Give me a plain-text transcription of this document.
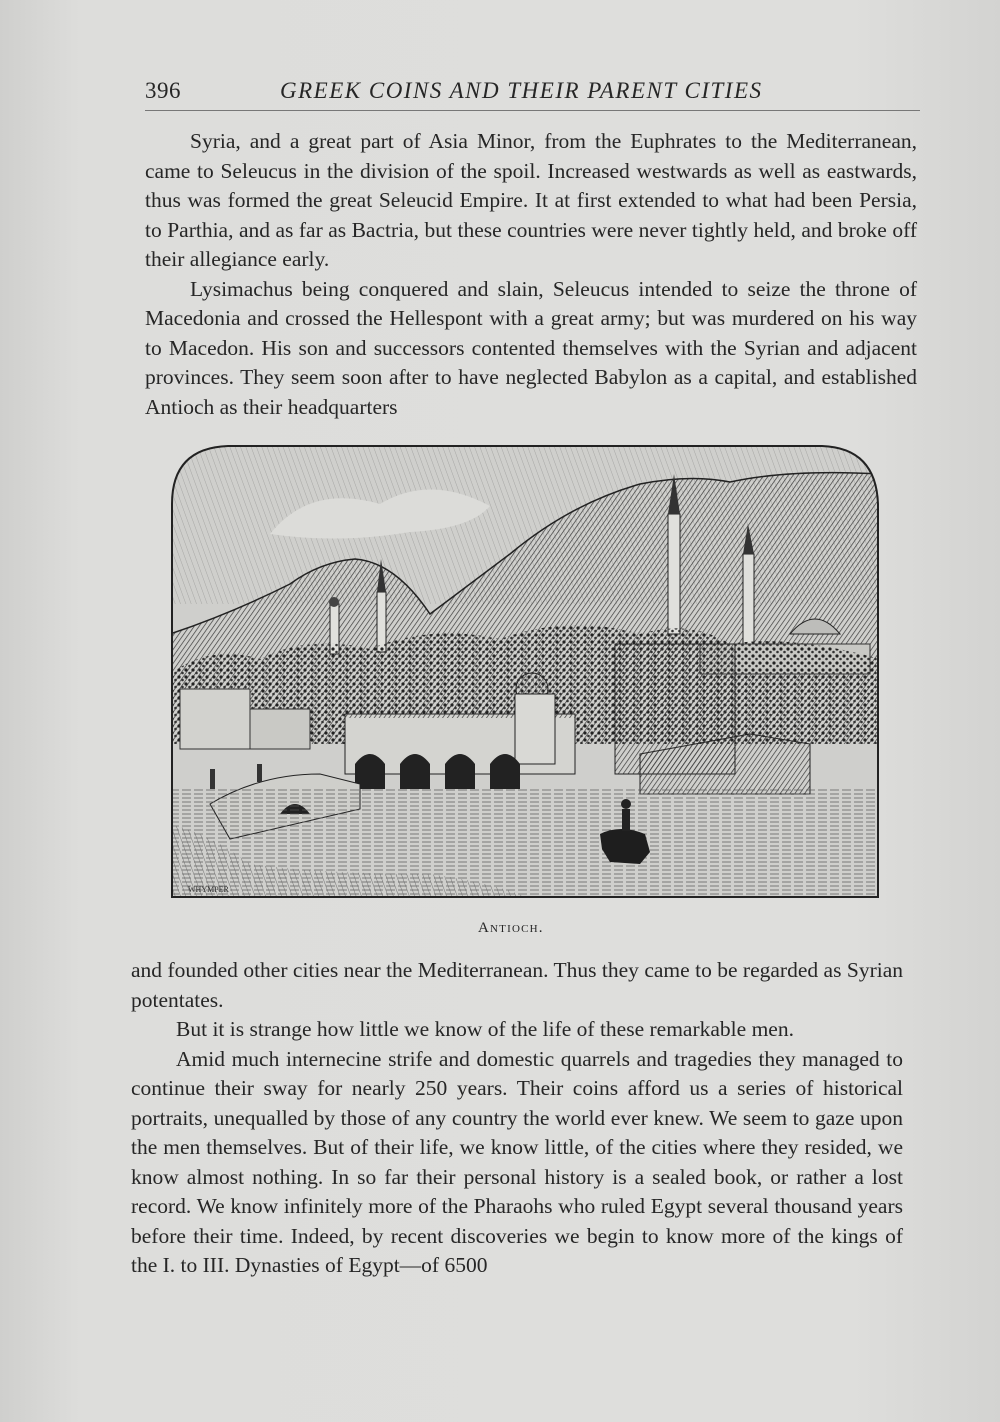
396	GREEK COINS AND THEIR PARENT CITIES

Syria, and a great part of Asia Minor, from the Euphrates to the Mediterranean, came to Seleucus in the division of the spoil. Increased westwards as well as eastwards, thus was formed the great Seleucid Empire. It at first extended to what had been Persia, to Parthia, and as far as Bactria, but these countries were never tightly held, and broke off their allegiance early.

Lysimachus being conquered and slain, Seleucus intended to seize the throne of Macedonia and crossed the Hellespont with a great army; but was murdered on his way to Macedon. His son and successors contented themselves with the Syrian and adjacent provinces. They seem soon after to have neglected Babylon as a capital, and established Antioch as their headquarters

WHYMPER
Antioch.

and founded other cities near the Mediterranean. Thus they came to be regarded as Syrian potentates.

But it is strange how little we know of the life of these remarkable men.

Amid much internecine strife and domestic quarrels and tragedies they managed to continue their sway for nearly 250 years. Their coins afford us a series of historical portraits, unequalled by those of any country the world ever knew. We seem to gaze upon the men themselves. But of their life, we know little, of the cities where they resided, we know almost nothing. In so far their personal history is a sealed book, or rather a lost record. We know infinitely more of the Pharaohs who ruled Egypt several thousand years before their time. Indeed, by recent discoveries we begin to know more of the kings of the I. to III. Dynasties of Egypt—of 6500
